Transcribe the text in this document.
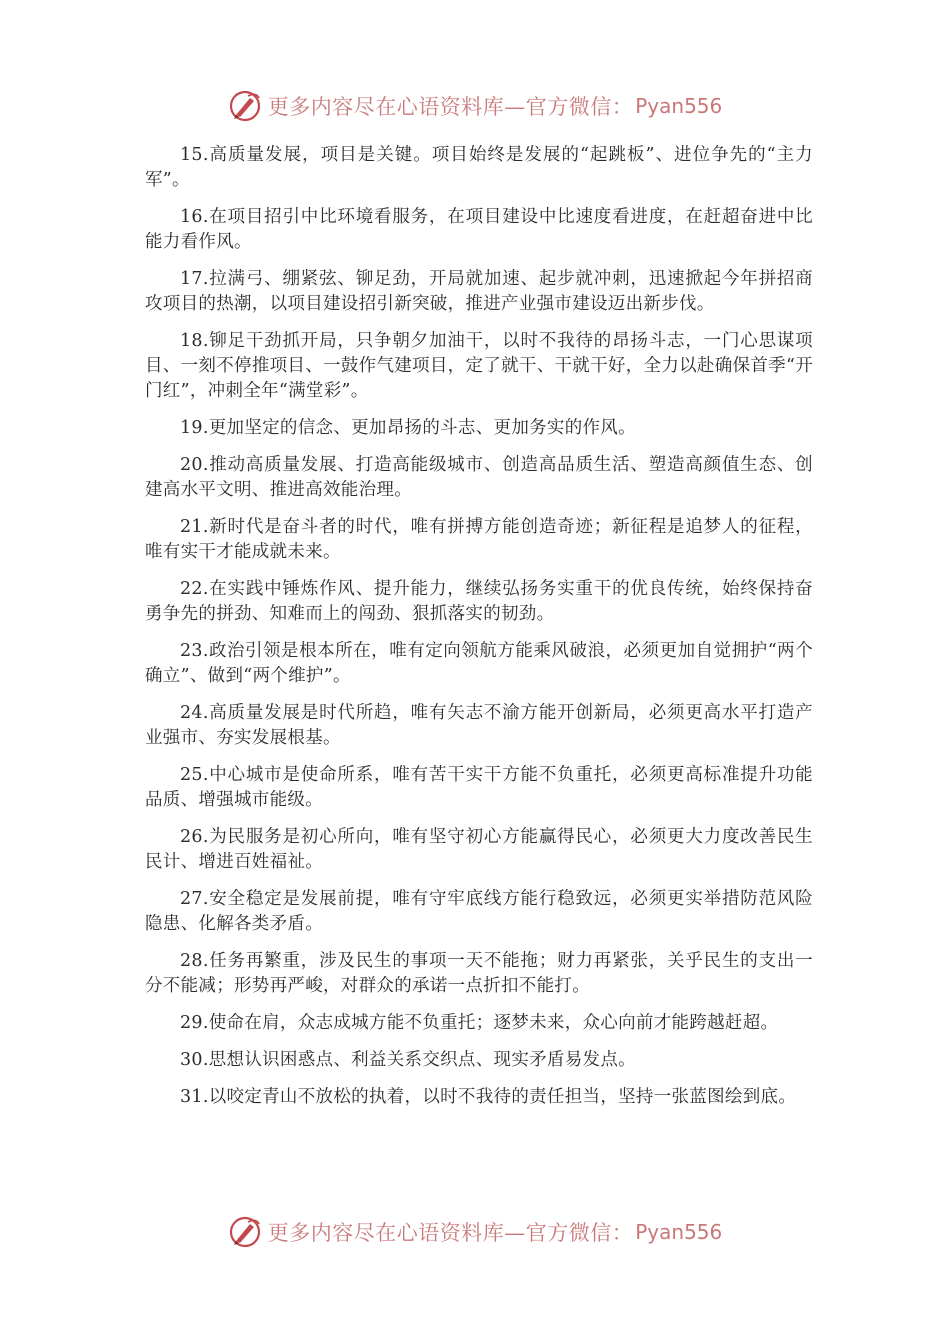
更多内容尽在心语资料库—官方微信： Pyan556

15.高质量发展，项目是关键。项目始终是发展的“起跳板”、进位争先的“主力军”。

16.在项目招引中比环境看服务，在项目建设中比速度看进度，在赶超奋进中比能力看作风。

17.拉满弓、绷紧弦、铆足劲，开局就加速、起步就冲刺，迅速掀起今年拼招商攻项目的热潮，以项目建设招引新突破，推进产业强市建设迈出新步伐。

18.铆足干劲抓开局，只争朝夕加油干，以时不我待的昂扬斗志，一门心思谋项目、一刻不停推项目、一鼓作气建项目，定了就干、干就干好，全力以赴确保首季“开门红”，冲刺全年“满堂彩”。

19.更加坚定的信念、更加昂扬的斗志、更加务实的作风。

20.推动高质量发展、打造高能级城市、创造高品质生活、塑造高颜值生态、创建高水平文明、推进高效能治理。

21.新时代是奋斗者的时代，唯有拼搏方能创造奇迹；新征程是追梦人的征程，唯有实干才能成就未来。

22.在实践中锤炼作风、提升能力，继续弘扬务实重干的优良传统，始终保持奋勇争先的拼劲、知难而上的闯劲、狠抓落实的韧劲。

23.政治引领是根本所在，唯有定向领航方能乘风破浪，必须更加自觉拥护“两个确立”、做到“两个维护”。

24.高质量发展是时代所趋，唯有矢志不渝方能开创新局，必须更高水平打造产业强市、夯实发展根基。

25.中心城市是使命所系，唯有苦干实干方能不负重托，必须更高标准提升功能品质、增强城市能级。

26.为民服务是初心所向，唯有坚守初心方能赢得民心，必须更大力度改善民生民计、增进百姓福祉。

27.安全稳定是发展前提，唯有守牢底线方能行稳致远，必须更实举措防范风险隐患、化解各类矛盾。

28.任务再繁重，涉及民生的事项一天不能拖；财力再紧张，关乎民生的支出一分不能减；形势再严峻，对群众的承诺一点折扣不能打。

29.使命在肩，众志成城方能不负重托；逐梦未来，众心向前才能跨越赶超。

30.思想认识困惑点、利益关系交织点、现实矛盾易发点。

31.以咬定青山不放松的执着，以时不我待的责任担当，坚持一张蓝图绘到底。

更多内容尽在心语资料库—官方微信： Pyan556
